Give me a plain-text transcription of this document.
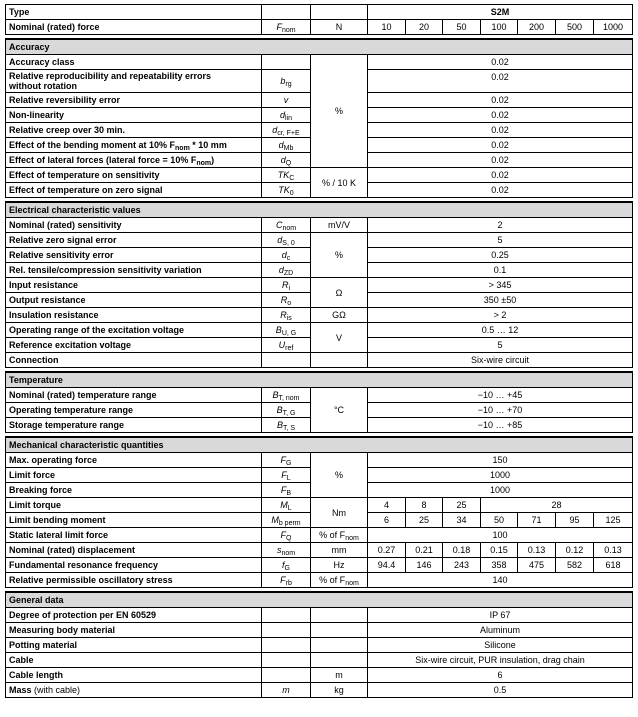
Type			S2M						
Nominal (rated) force	$F_{nom}$	N	10	20	50	100	200	500	1000

Accuracy									
Accuracy class		%	0.02						
Relative reproducibility and repeatability errors
without rotation	$b_{rg}$		0.02						
Relative reversibility error	v		0.02						
Non-linearity	$d_{lin}$		0.02						
Relative creep over 30 min.	$d_{cr, F+E}$		0.02						
Effect of the bending moment at 10% $F_{nom} * 10$ mm	$d_{Mb}$		0.02						
Effect of lateral forces (lateral force = 10% $F_{nom}$)	$d_Q$		0.02						
Effect of temperature on sensitivity	$TK_C$	% / 10 K	0.02						
Effect of temperature on zero signal	$TK_0$		0.02						

Electrical characteristic values									
Nominal (rated) sensitivity	$C_{nom}$	mV/V	2						
Relative zero signal error	$d_{S, 0}$	%	5						
Relative sensitivity error	$d_c$		0.25						
Rel. tensile/compression sensitivity variation	$d_{ZD}$		0.1						
Input resistance	$R_i$	Ω	> 345						
Output resistance	$R_o$		350 ±50						
Insulation resistance	$R_{is}$	GΩ	> 2						
Operating range of the excitation voltage	$B_{U, G}$	V	0.5 … 12						
Reference excitation voltage	$U_{ref}$		5						
Connection			Six-wire circuit						

Temperature									
Nominal (rated) temperature range	$B_{T, nom}$	°C	−10 … +45						
Operating temperature range	$B_{T, G}$		−10 … +70						
Storage temperature range	$B_{T, S}$		−10 … +85						

Mechanical characteristic quantities									
Max. operating force	$F_G$	%	150						
Limit force	$F_L$		1000						
Breaking force	$F_B$		1000						
Limit torque	$M_L$	Nm	4	8	25	28			
Limit bending moment	$M_{b perm}$		6	25	34	50	71	95	125
Static lateral limit force	$F_Q$	% of $F_{nom}$	100						
Nominal (rated) displacement	$s_{nom}$	mm	0.27	0.21	0.18	0.15	0.13	0.12	0.13
Fundamental resonance frequency	$f_G$	Hz	94.4	146	243	358	475	582	618
Relative permissible oscillatory stress	$F_{rb}$	% of $F_{nom}$	140						

General data									
Degree of protection per EN 60529			IP 67						
Measuring body material			Aluminum						
Potting material			Silicone						
Cable			Six-wire circuit, PUR insulation, drag chain						
Cable length		m	6						
Mass (with cable)	m	kg	0.5						
